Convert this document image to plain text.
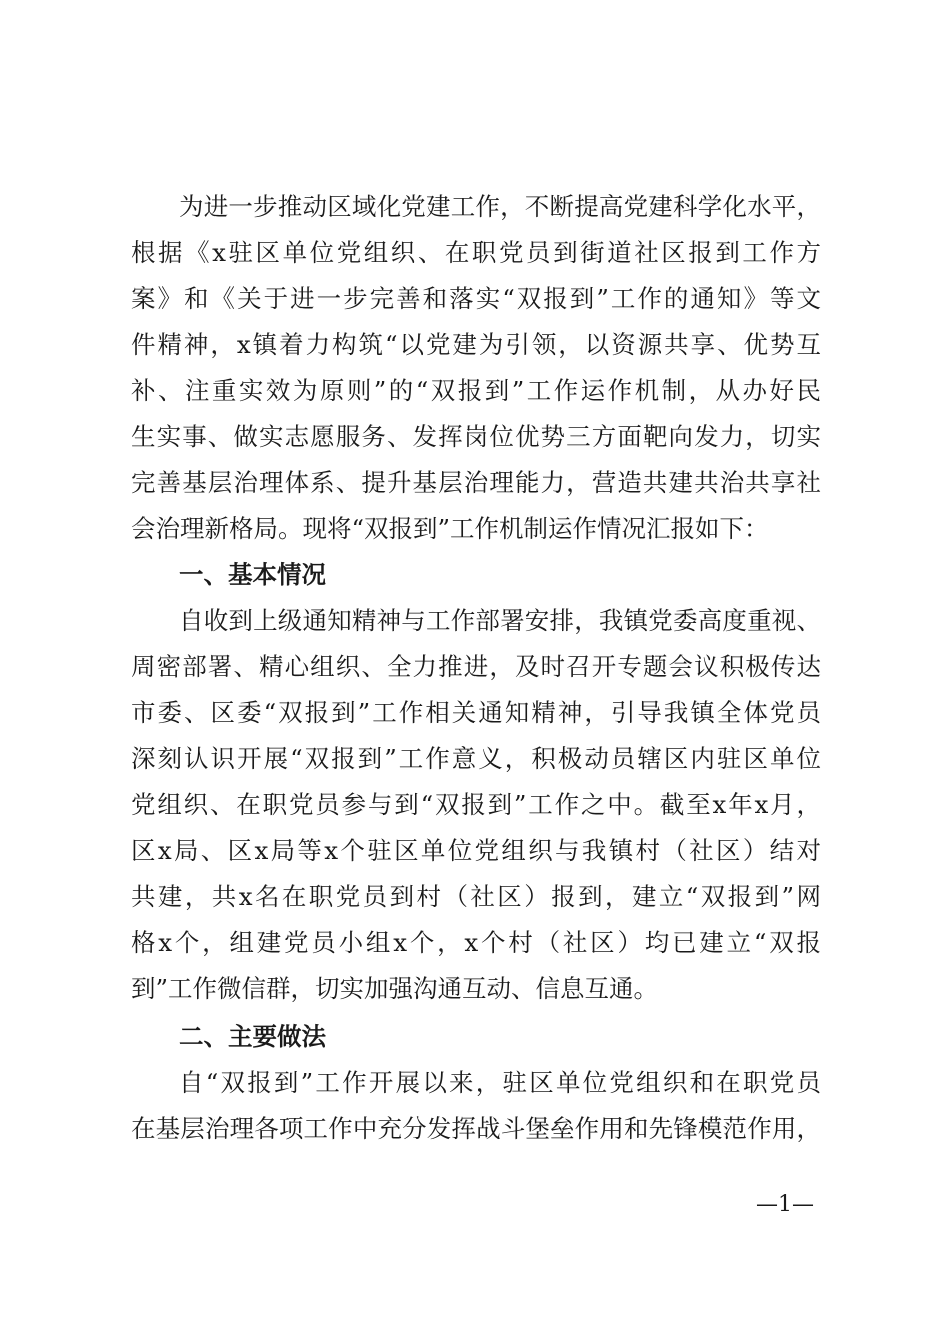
为进一步推动区域化党建工作，不断提高党建科学化水平，
根据《x驻区单位党组织、在职党员到街道社区报到工作方
案》和《关于进一步完善和落实“双报到”工作的通知》等文
件精神，x镇着力构筑“以党建为引领，以资源共享、优势互
补、注重实效为原则”的“双报到”工作运作机制，从办好民
生实事、做实志愿服务、发挥岗位优势三方面靶向发力，切实
完善基层治理体系、提升基层治理能力，营造共建共治共享社
会治理新格局。现将“双报到”工作机制运作情况汇报如下：
一、基本情况
自收到上级通知精神与工作部署安排，我镇党委高度重视、
周密部署、精心组织、全力推进，及时召开专题会议积极传达
市委、区委“双报到”工作相关通知精神，引导我镇全体党员
深刻认识开展“双报到”工作意义，积极动员辖区内驻区单位
党组织、在职党员参与到“双报到”工作之中。截至x年x月，
区x局、区x局等x个驻区单位党组织与我镇村（社区）结对
共建，共x名在职党员到村（社区）报到，建立“双报到”网
格x个，组建党员小组x个，x个村（社区）均已建立“双报
到”工作微信群，切实加强沟通互动、信息互通。
二、主要做法
自“双报到”工作开展以来，驻区单位党组织和在职党员
在基层治理各项工作中充分发挥战斗堡垒作用和先锋模范作用，
—1—
